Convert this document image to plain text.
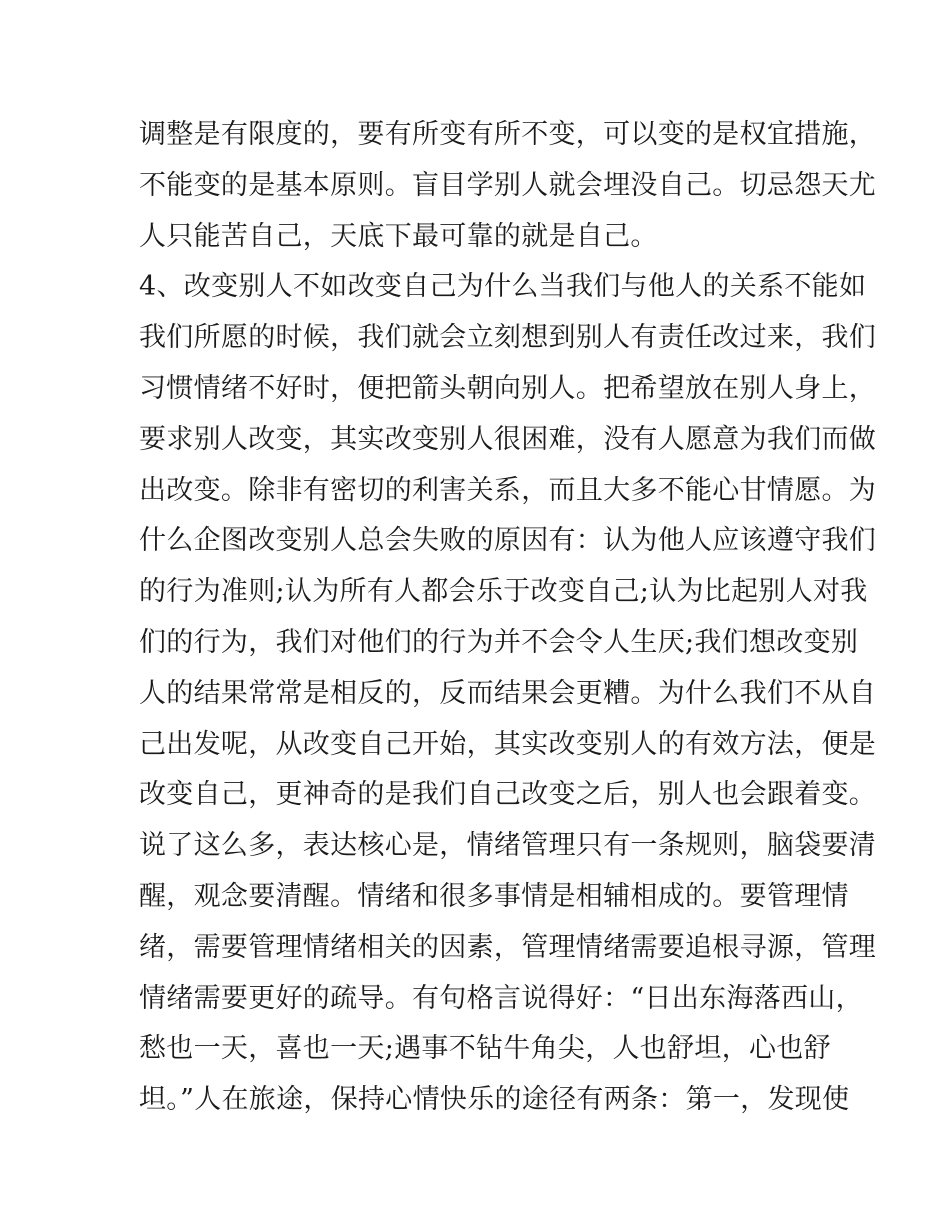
调整是有限度的，要有所变有所不变，可以变的是权宜措施，
不能变的是基本原则。盲目学别人就会埋没自己。切忌怨天尤
人只能苦自己，天底下最可靠的就是自己。
4、改变别人不如改变自己为什么当我们与他人的关系不能如
我们所愿的时候，我们就会立刻想到别人有责任改过来，我们
习惯情绪不好时，便把箭头朝向别人。把希望放在别人身上，
要求别人改变，其实改变别人很困难，没有人愿意为我们而做
出改变。除非有密切的利害关系，而且大多不能心甘情愿。为
什么企图改变别人总会失败的原因有：认为他人应该遵守我们
的行为准则;认为所有人都会乐于改变自己;认为比起别人对我
们的行为，我们对他们的行为并不会令人生厌;我们想改变别
人的结果常常是相反的，反而结果会更糟。为什么我们不从自
己出发呢，从改变自己开始，其实改变别人的有效方法，便是
改变自己，更神奇的是我们自己改变之后，别人也会跟着变。
说了这么多，表达核心是，情绪管理只有一条规则，脑袋要清
醒，观念要清醒。情绪和很多事情是相辅相成的。要管理情
绪，需要管理情绪相关的因素，管理情绪需要追根寻源，管理
情绪需要更好的疏导。有句格言说得好：“日出东海落西山，
愁也一天，喜也一天;遇事不钻牛角尖，人也舒坦，心也舒
坦。”人在旅途，保持心情快乐的途径有两条：第一，发现使
